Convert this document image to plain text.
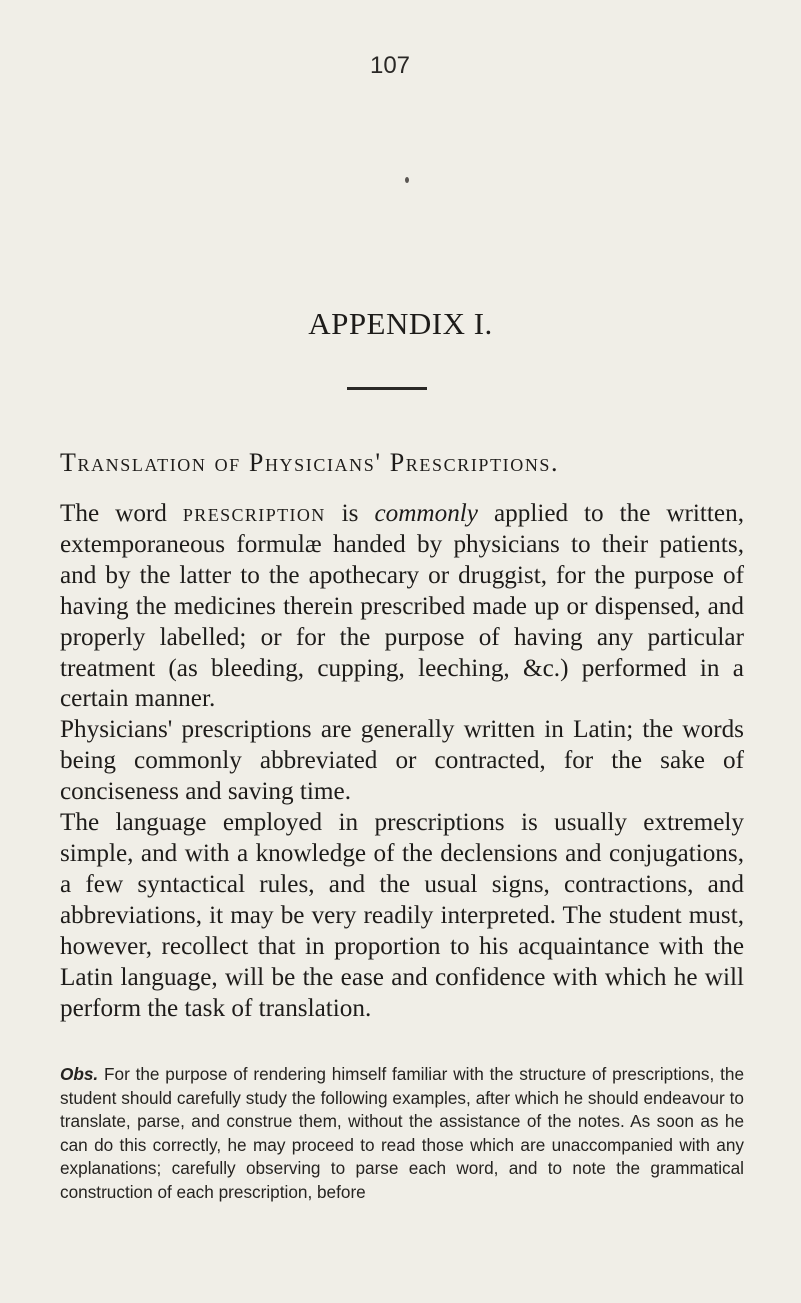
107
APPENDIX I.
Translation of Physicians' Prescriptions.

The word prescription is commonly applied to the written, extemporaneous formulæ handed by physicians to their patients, and by the latter to the apothecary or druggist, for the purpose of having the medicines therein prescribed made up or dispensed, and properly labelled; or for the purpose of having any particular treatment (as bleeding, cupping, leeching, &c.) performed in a certain manner.

Physicians' prescriptions are generally written in Latin; the words being commonly abbreviated or contracted, for the sake of conciseness and saving time.

The language employed in prescriptions is usually extremely simple, and with a knowledge of the declensions and conjugations, a few syntactical rules, and the usual signs, contractions, and abbreviations, it may be very readily interpreted. The student must, however, recollect that in proportion to his acquaintance with the Latin language, will be the ease and confidence with which he will perform the task of translation.

Obs. For the purpose of rendering himself familiar with the structure of prescriptions, the student should carefully study the following examples, after which he should endeavour to translate, parse, and construe them, without the assistance of the notes. As soon as he can do this correctly, he may proceed to read those which are unaccompanied with any explanations; carefully observing to parse each word, and to note the grammatical construction of each prescription, before
